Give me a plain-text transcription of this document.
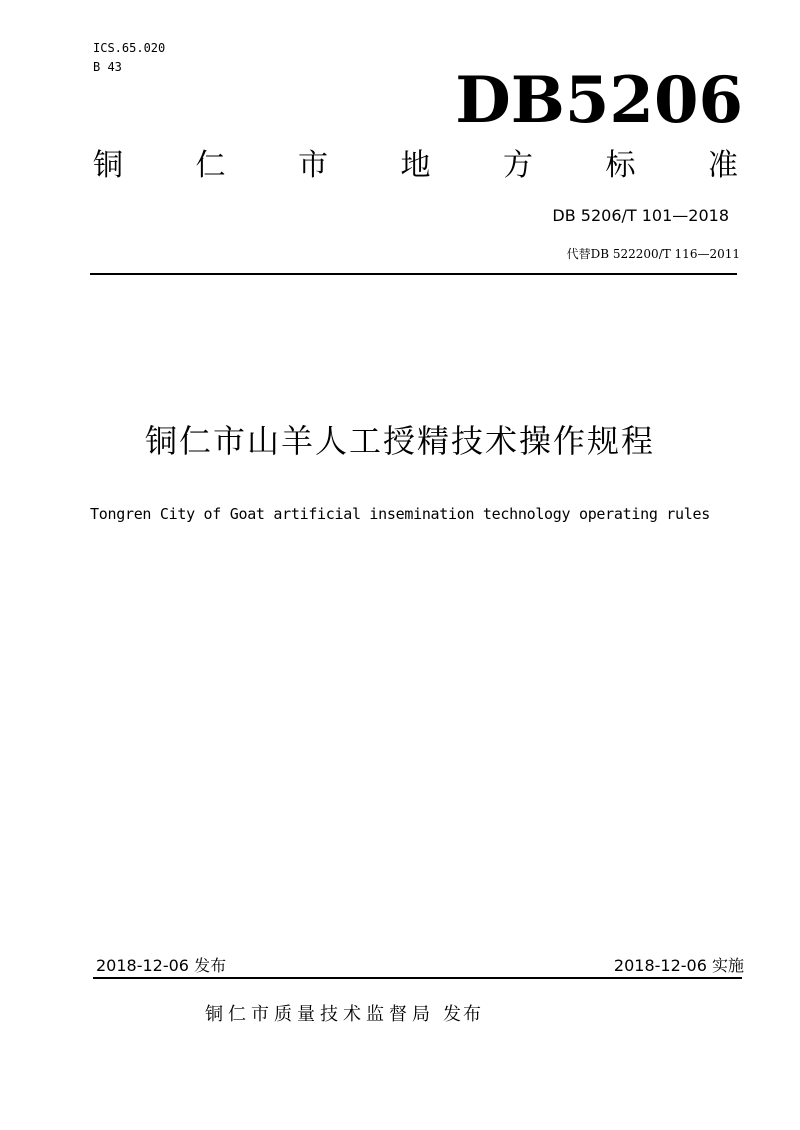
ICS.65.020
B 43	DB5206
铜 仁 市 地 方 标 准
DB 5206/T 101—2018
代替DB 522200/T 116—2011
铜仁市山羊人工授精技术操作规程
Tongren City of Goat artificial insemination technology operating rules
2018-12-06 发布	2018-12-06 实施
铜仁市质量技术监督局 发布
